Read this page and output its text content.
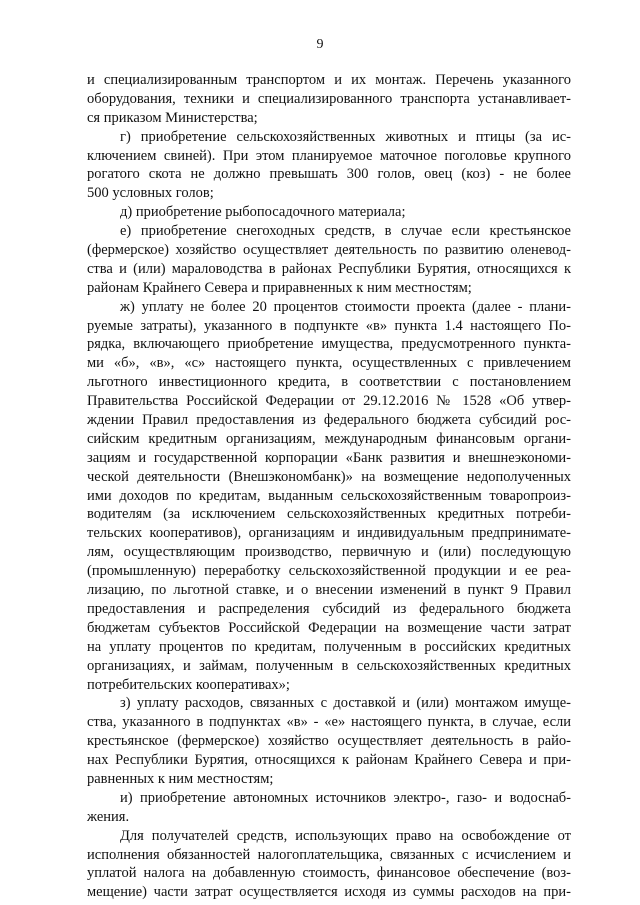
9
и специализированным транспортом и их монтаж. Перечень указанного
оборудования, техники и специализированного транспорта устанавливает-
ся приказом Министерства;
г) приобретение сельскохозяйственных животных и птицы (за ис-
ключением свиней). При этом планируемое маточное поголовье крупного
рогатого скота не должно превышать 300 голов, овец (коз) - не более
500 условных голов;
д) приобретение рыбопосадочного материала;
е) приобретение снегоходных средств, в случае если крестьянское
(фермерское) хозяйство осуществляет деятельность по развитию оленевод-
ства и (или) мараловодства в районах Республики Бурятия, относящихся к
районам Крайнего Севера и приравненных к ним местностям;
ж) уплату не более 20 процентов стоимости проекта (далее - плани-
руемые затраты), указанного в подпункте «в» пункта 1.4 настоящего По-
рядка, включающего приобретение имущества, предусмотренного пункта-
ми «б», «в», «с» настоящего пункта, осуществленных с привлечением
льготного инвестиционного кредита, в соответствии с постановлением
Правительства Российской Федерации от 29.12.2016 № 1528 «Об утвер-
ждении Правил предоставления из федерального бюджета субсидий рос-
сийским кредитным организациям, международным финансовым органи-
зациям и государственной корпорации «Банк развития и внешнеэкономи-
ческой деятельности (Внешэкономбанк)» на возмещение недополученных
ими доходов по кредитам, выданным сельскохозяйственным товаропроиз-
водителям (за исключением сельскохозяйственных кредитных потреби-
тельских кооперативов), организациям и индивидуальным предпринимате-
лям, осуществляющим производство, первичную и (или) последующую
(промышленную) переработку сельскохозяйственной продукции и ее реа-
лизацию, по льготной ставке, и о внесении изменений в пункт 9 Правил
предоставления и распределения субсидий из федерального бюджета
бюджетам субъектов Российской Федерации на возмещение части затрат
на уплату процентов по кредитам, полученным в российских кредитных
организациях, и займам, полученным в сельскохозяйственных кредитных
потребительских кооперативах»;
з) уплату расходов, связанных с доставкой и (или) монтажом имуще-
ства, указанного в подпунктах «в» - «е» настоящего пункта, в случае, если
крестьянское (фермерское) хозяйство осуществляет деятельность в райо-
нах Республики Бурятия, относящихся к районам Крайнего Севера и при-
равненных к ним местностям;
и) приобретение автономных источников электро-, газо- и водоснаб-
жения.
Для получателей средств, использующих право на освобождение от
исполнения обязанностей налогоплательщика, связанных с исчислением и
уплатой налога на добавленную стоимость, финансовое обеспечение (воз-
мещение) части затрат осуществляется исходя из суммы расходов на при-
